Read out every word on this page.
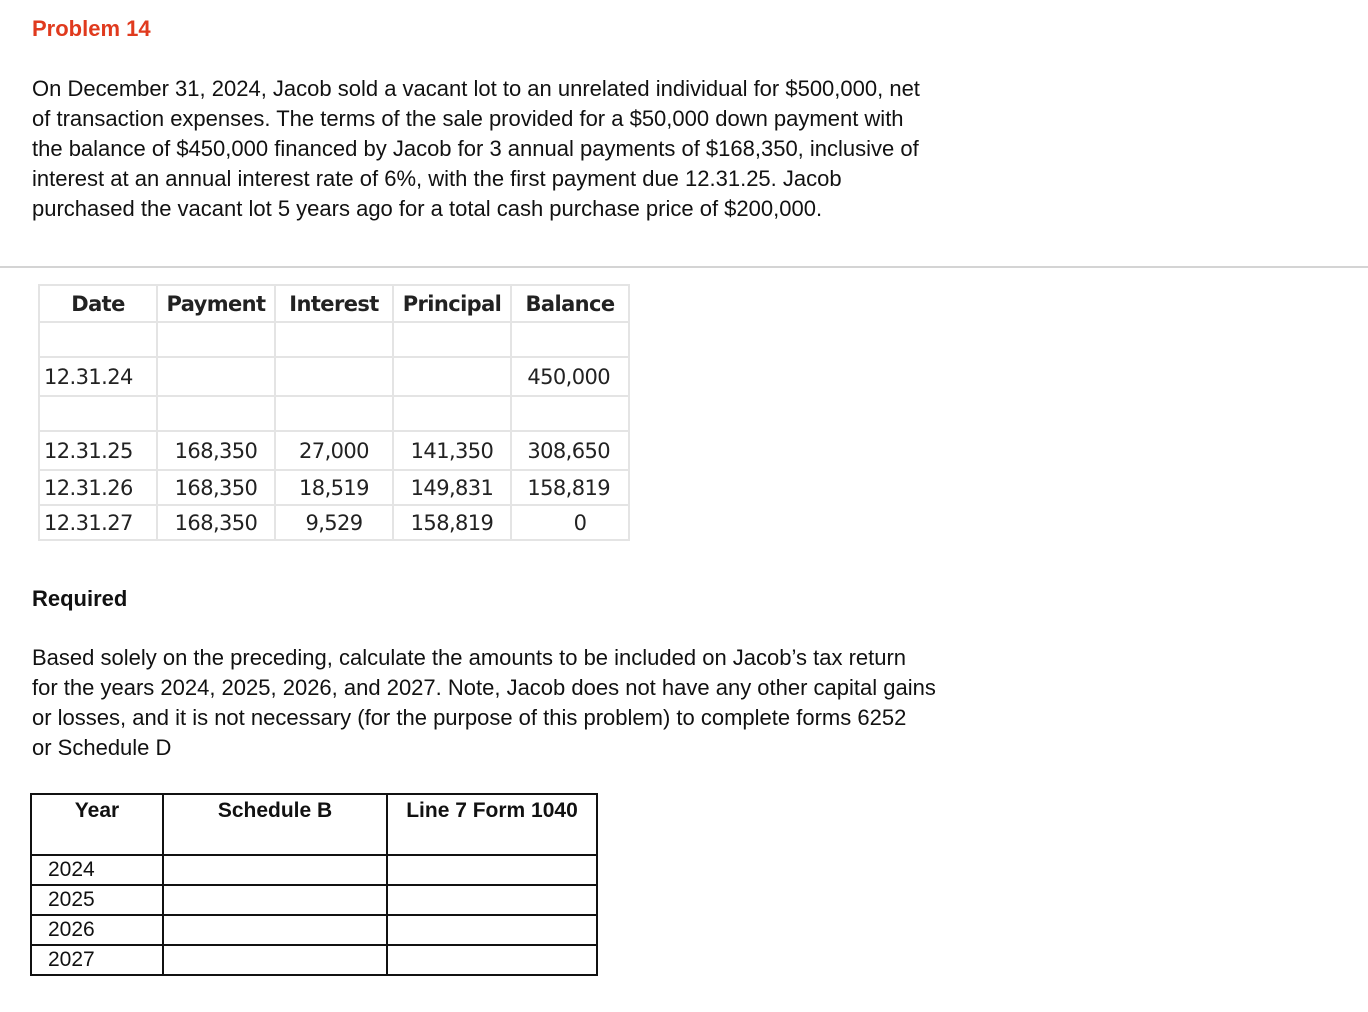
Problem 14
On December 31, 2024, Jacob sold a vacant lot to an unrelated individual for $500,000, net
of transaction expenses. The terms of the sale provided for a $50,000 down payment with
the balance of $450,000 financed by Jacob for 3 annual payments of $168,350, inclusive of
interest at an annual interest rate of 6%, with the first payment due 12.31.25. Jacob
purchased the vacant lot 5 years ago for a total cash purchase price of $200,000.
Date	Payment	Interest	Principal	Balance

12.31.24				450,000

12.31.25	168,350	27,000	141,350	308,650
12.31.26	168,350	18,519	149,831	158,819
12.31.27	168,350	9,529	158,819	0
Required
Based solely on the preceding, calculate the amounts to be included on Jacob’s tax return
for the years 2024, 2025, 2026, and 2027. Note, Jacob does not have any other capital gains
or losses, and it is not necessary (for the purpose of this problem) to complete forms 6252
or Schedule D
Year	Schedule B	Line 7 Form 1040
2024		
2025		
2026		
2027		
